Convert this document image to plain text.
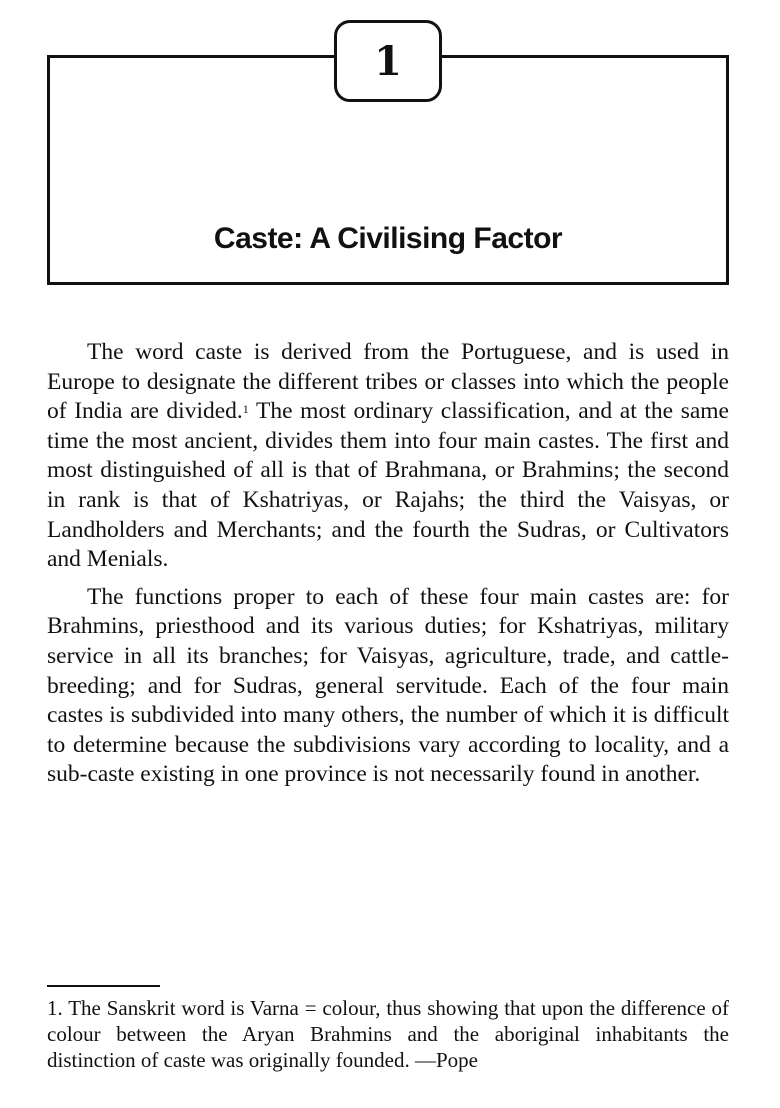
1
Caste: A Civilising Factor

The word caste is derived from the Portuguese, and is used in Europe to designate the different tribes or classes into which the people of India are divided.$^1$ The most ordinary classification, and at the same time the most ancient, divides them into four main castes. The first and most distinguished of all is that of Brahmana, or Brahmins; the second in rank is that of Kshatriyas, or Rajahs; the third the Vaisyas, or Landholders and Merchants; and the fourth the Sudras, or Cultivators and Menials.

The functions proper to each of these four main castes are: for Brahmins, priesthood and its various duties; for Kshatriyas, military service in all its branches; for Vaisyas, agriculture, trade, and cattle-breeding; and for Sudras, general servitude. Each of the four main castes is subdivided into many others, the number of which it is difficult to determine because the subdivisions vary according to locality, and a sub-caste existing in one province is not necessarily found in another.

1. The Sanskrit word is Varna = colour, thus showing that upon the difference of colour between the Aryan Brahmins and the aboriginal inhabitants the distinction of caste was originally founded. —Pope
